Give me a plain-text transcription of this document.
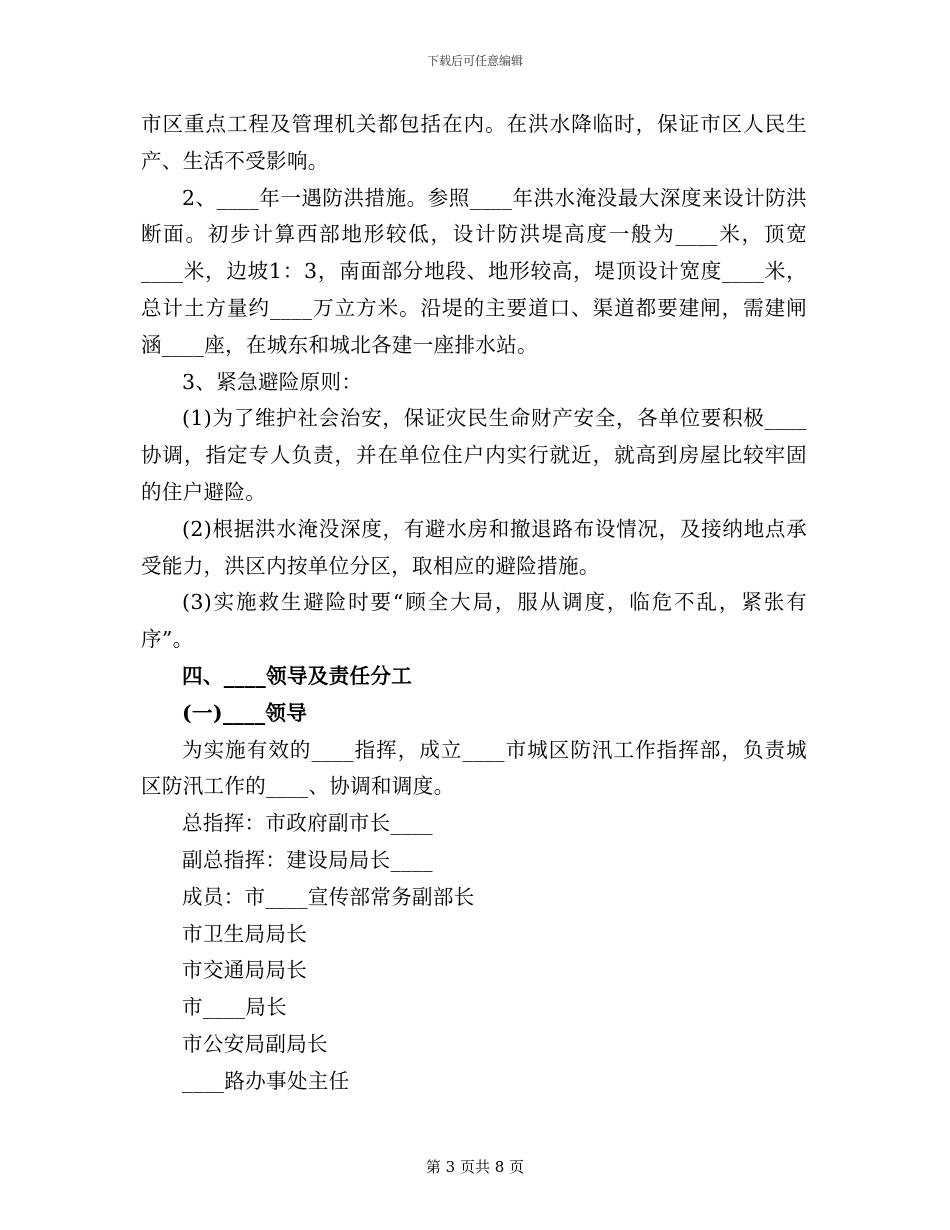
下载后可任意编辑

市区重点工程及管理机关都包括在内。在洪水降临时，保证市区人民生产、生活不受影响。

2、____年一遇防洪措施。参照____年洪水淹没最大深度来设计防洪断面。初步计算西部地形较低，设计防洪堤高度一般为____米，顶宽____米，边坡1：3，南面部分地段、地形较高，堤顶设计宽度____米，总计土方量约____万立方米。沿堤的主要道口、渠道都要建闸，需建闸涵____座，在城东和城北各建一座排水站。

3、紧急避险原则：

(1)为了维护社会治安，保证灾民生命财产安全，各单位要积极____协调，指定专人负责，并在单位住户内实行就近，就高到房屋比较牢固的住户避险。

(2)根据洪水淹没深度，有避水房和撤退路布设情况，及接纳地点承受能力，洪区内按单位分区，取相应的避险措施。

(3)实施救生避险时要“顾全大局，服从调度，临危不乱，紧张有序”。

四、____领导及责任分工

(一)____领导

为实施有效的____指挥，成立____市城区防汛工作指挥部，负责城区防汛工作的____、协调和调度。

总指挥：市政府副市长____

副总指挥：建设局局长____

成员：市____宣传部常务副部长

市卫生局局长

市交通局局长

市____局长

市公安局副局长

____路办事处主任

第 3 页共 8 页
